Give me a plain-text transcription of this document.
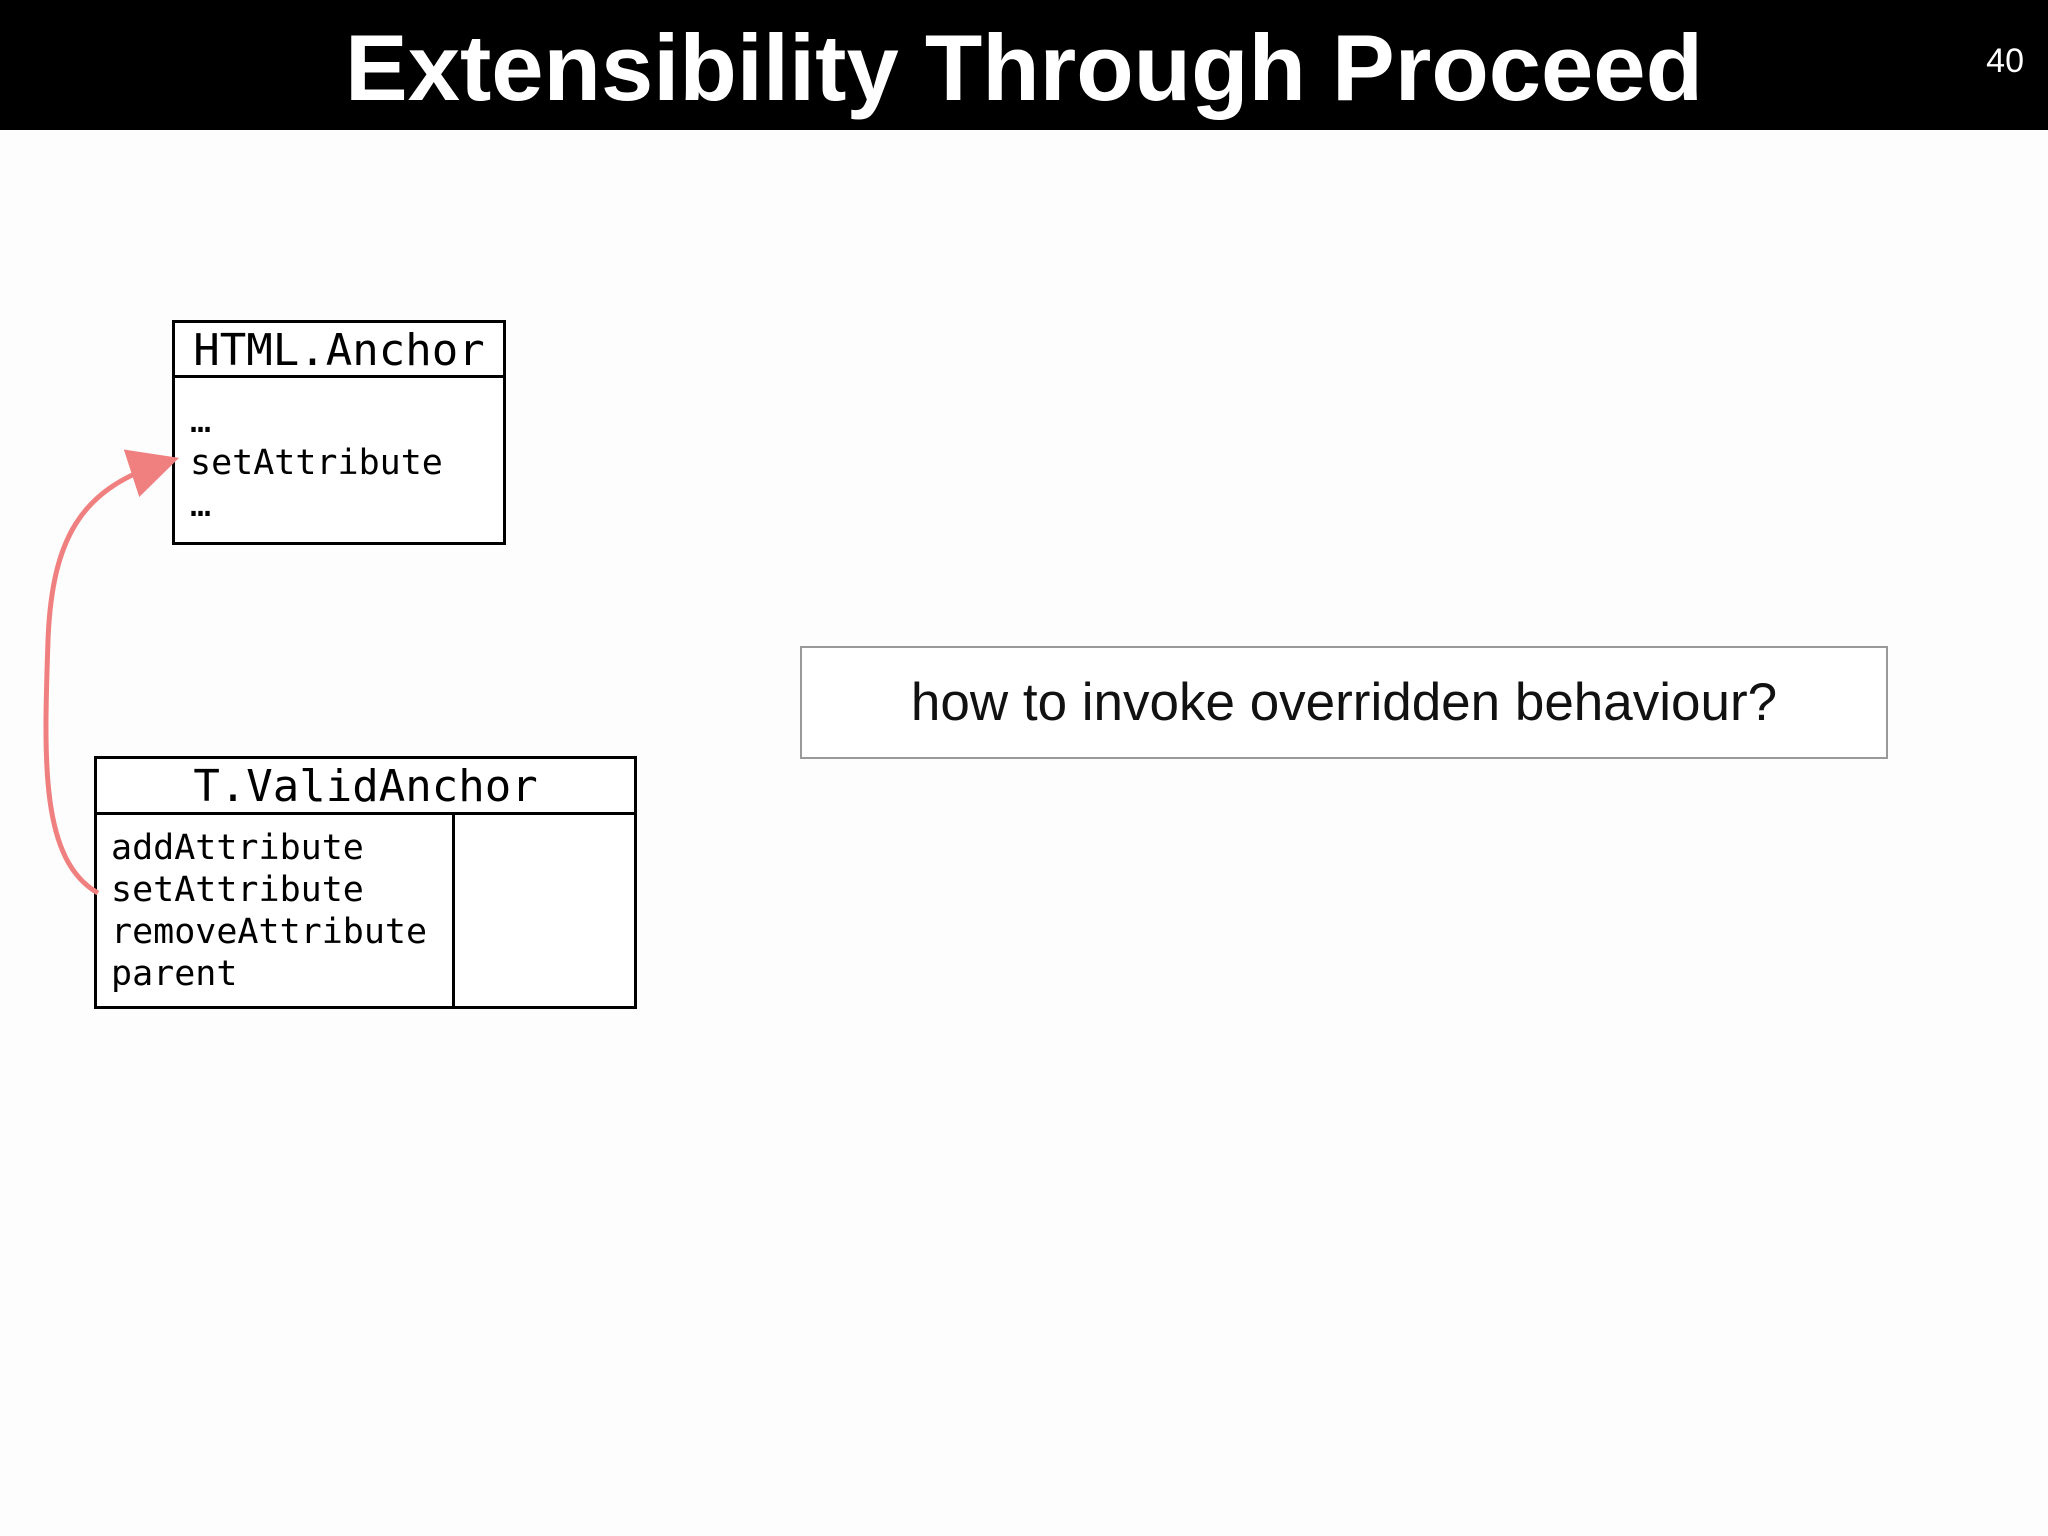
Extensibility Through Proceed	40
HTML.Anchor
…
setAttribute
…
T.ValidAnchor
addAttribute
setAttribute
removeAttribute
parent
how to invoke overridden behaviour?
